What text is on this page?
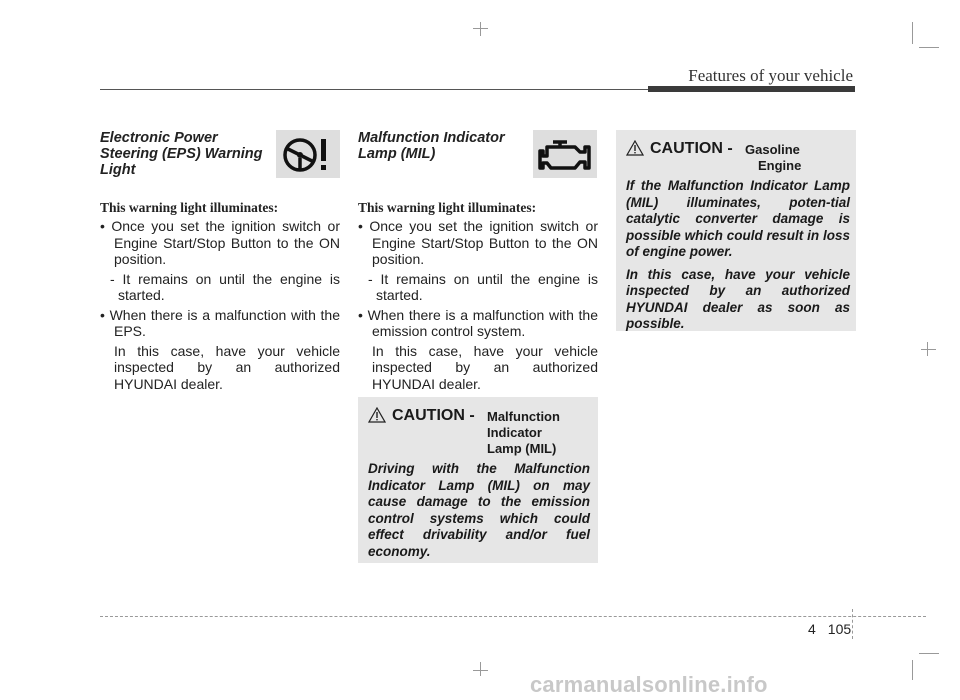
Features of your vehicle
Electronic Power
Steering (EPS) Warning
Light
This warning light illuminates:

• Once you set the ignition switch or Engine Start/Stop Button to the ON position.

- It remains on until the engine is started.

• When there is a malfunction with the EPS.

In this case, have your vehicle inspected by an authorized HYUNDAI dealer.

Malfunction Indicator
Lamp (MIL)
This warning light illuminates:

• Once you set the ignition switch or Engine Start/Stop Button to the ON position.

- It remains on until the engine is started.

• When there is a malfunction with the emission control system.

In this case, have your vehicle inspected by an authorized HYUNDAI dealer.

CAUTION - Malfunction
Indicator
Lamp (MIL)
Driving with the Malfunction Indicator Lamp (MIL) on may cause damage to the emission control systems which could effect drivability and/or fuel economy.
CAUTION - Gasoline
Engine

If the Malfunction Indicator Lamp (MIL) illuminates, poten-tial catalytic converter damage is possible which could result in loss of engine power.

In this case, have your vehicle inspected by an authorized HYUNDAI dealer as soon as possible.

4 105
carmanualsonline.info
